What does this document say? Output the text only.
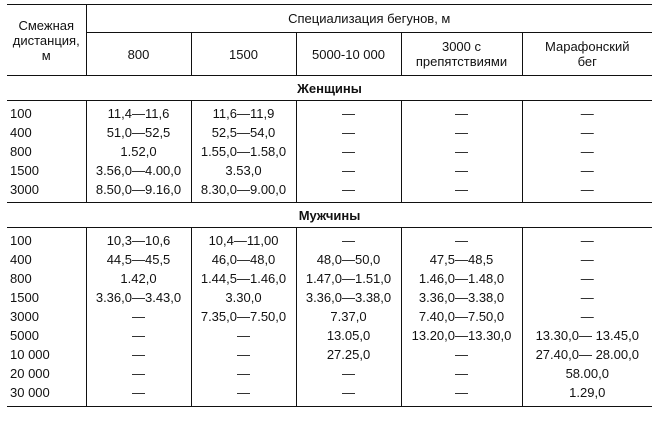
Смежная
дистанция,
м	Специализация бегунов, м				
	800	1500	5000-10 000	3000 с
препятствиями	Марафонский
бег
Женщины					

100	11,4—11,6	11,6—11,9	—	—	—
400	51,0—52,5	52,5—54,0	—	—	—
800	1.52,0	1.55,0—1.58,0	—	—	—
1500	3.56,0—4.00,0	3.53,0	—	—	—
3000	8.50,0—9.16,0	8.30,0—9.00,0	—	—	—

Мужчины					

100	10,3—10,6	10,4—11,00	—	—	—
400	44,5—45,5	46,0—48,0	48,0—50,0	47,5—48,5	—
800	1.42,0	1.44,5—1.46,0	1.47,0—1.51,0	1.46,0—1.48,0	—
1500	3.36,0—3.43,0	3.30,0	3.36,0—3.38,0	3.36,0—3.38,0	—
3000	—	7.35,0—7.50,0	7.37,0	7.40,0—7.50,0	—
5000	—	—	13.05,0	13.20,0—13.30,0	13.30,0— 13.45,0
10 000	—	—	27.25,0	—	27.40,0— 28.00,0
20 000	—	—	—	—	58.00,0
30 000	—	—	—	—	1.29,0
